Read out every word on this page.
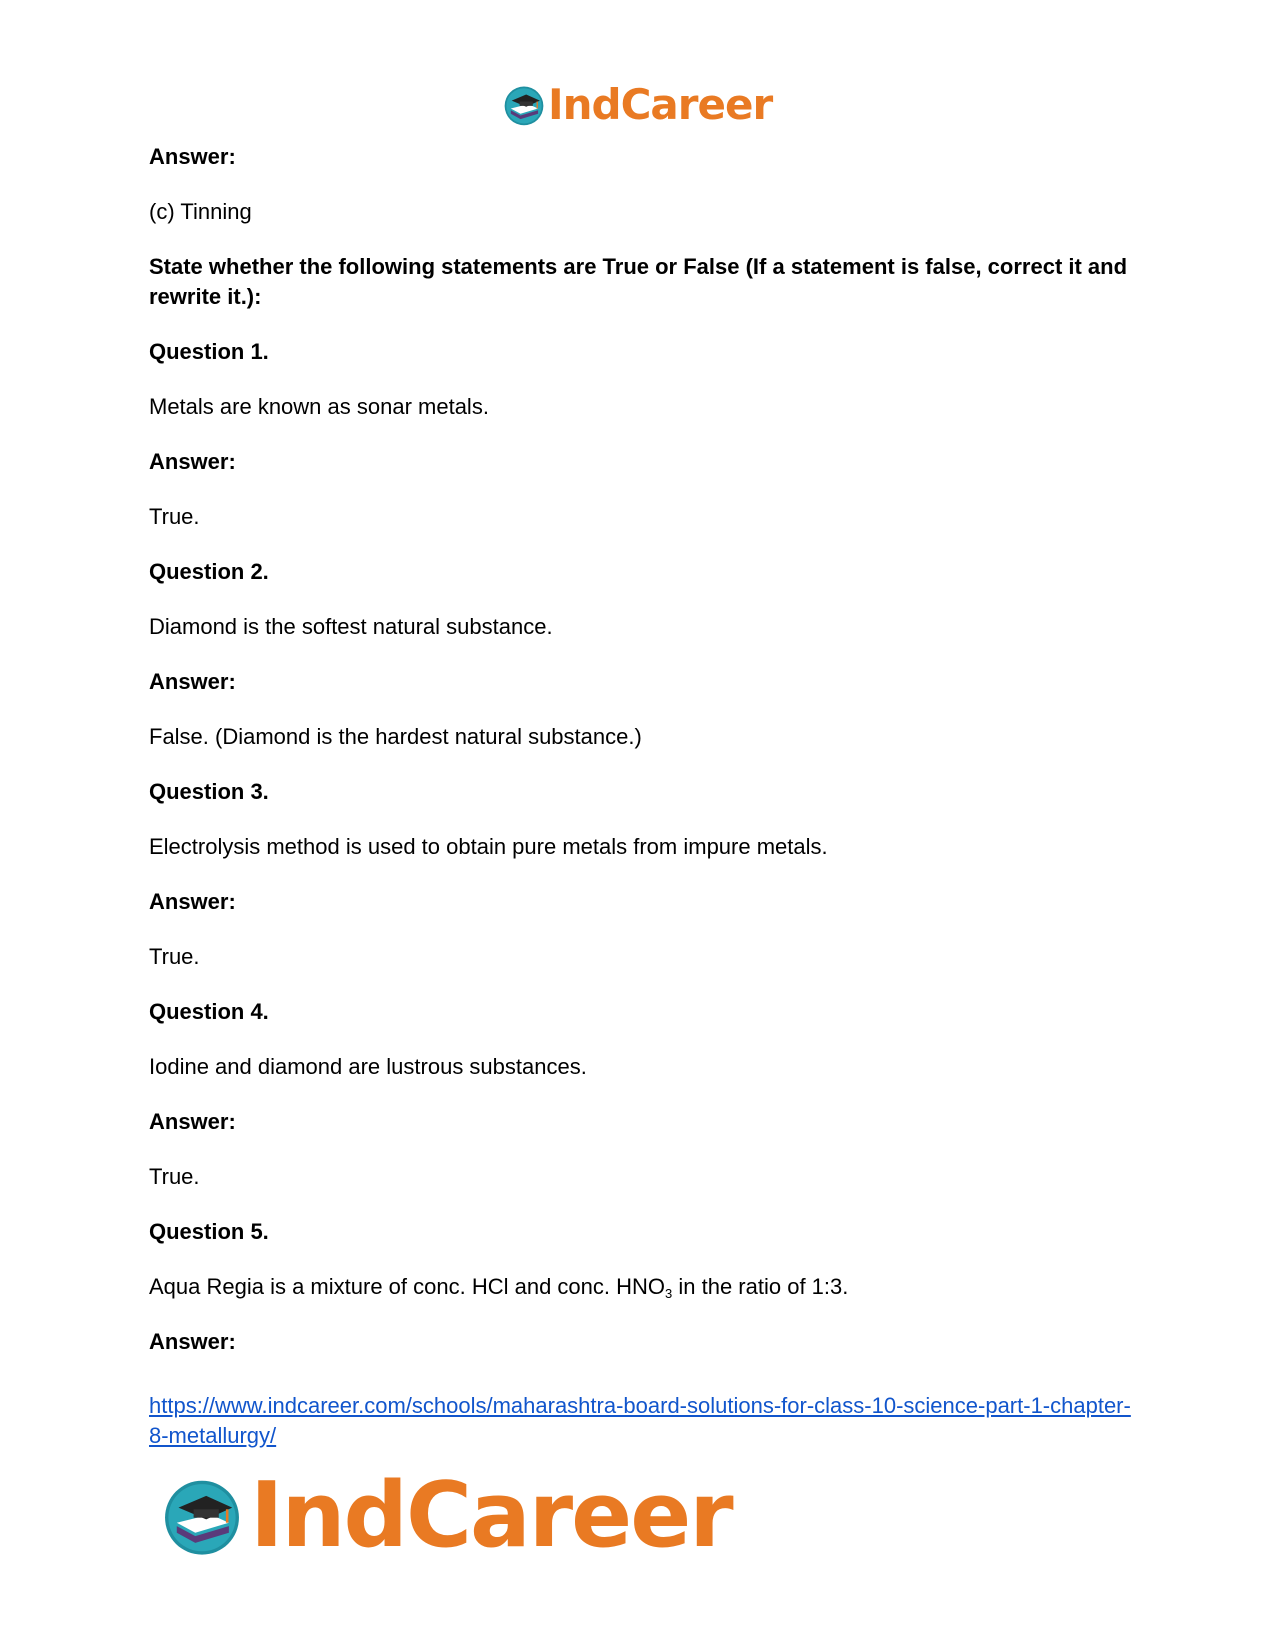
IndCareer

Answer:

(c) Tinning

State whether the following statements are True or False (If a statement is false, correct it and rewrite it.):

Question 1.

Metals are known as sonar metals.

Answer:

True.

Question 2.

Diamond is the softest natural substance.

Answer:

False. (Diamond is the hardest natural substance.)

Question 3.

Electrolysis method is used to obtain pure metals from impure metals.

Answer:

True.

Question 4.

Iodine and diamond are lustrous substances.

Answer:

True.

Question 5.

Aqua Regia is a mixture of conc. HCl and conc. $HNO_3$ in the ratio of 1:3.

Answer:

https://www.indcareer.com/schools/maharashtra-board-solutions-for-class-10-science-part-1-chapter-8-metallurgy/
IndCareer
